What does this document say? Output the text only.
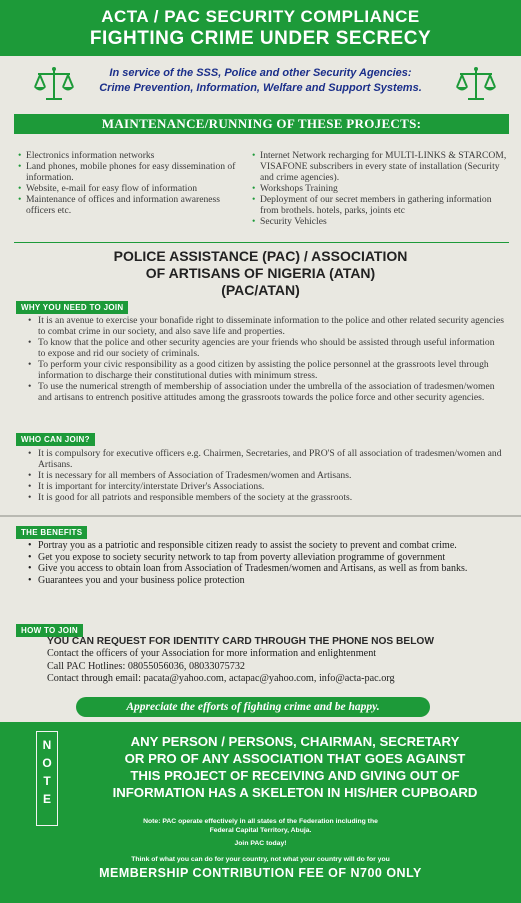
ACTA / PAC SECURITY COMPLIANCE
FIGHTING CRIME UNDER SECRECY
In service of the SSS, Police and other Security Agencies:
Crime Prevention, Information, Welfare and Support Systems.
MAINTENANCE/RUNNING OF THESE PROJECTS:
• Electronics information networks
• Land phones, mobile phones for easy dissemination of information.
• Website, e-mail for easy flow of information
• Maintenance of offices and information awareness officers etc.
• Internet Network recharging for MULTI-LINKS & STARCOM, VISAFONE subscribers in every state of installation (Security and crime agencies).
• Workshops Training
• Deployment of our secret members in gathering information from brothels. hotels, parks, joints etc
• Security Vehicles
POLICE ASSISTANCE (PAC) / ASSOCIATION
OF ARTISANS OF NIGERIA (ATAN)
(PAC/ATAN)
WHY YOU NEED TO JOIN
• It is an avenue to exercise your bonafide right to disseminate information to the police and other related security agencies to combat crime in our society, and also save life and properties.
• To know that the police and other security agencies are your friends who should be assisted through useful information to expose and rid our society of criminals.
• To perform your civic responsibility as a good citizen by assisting the police personnel at the grassroots level through information to discharge their constitutional duties with minimum stress.
• To use the numerical strength of membership of association under the umbrella of the association of tradesmen/women and artisans to entrench positive attitudes among the grassroots towards the police force and other security agencies.
WHO CAN JOIN?
• It is compulsory for executive officers e.g. Chairmen, Secretaries, and PRO'S of all association of tradesmen/women and Artisans.
• It is necessary for all members of Association of Tradesmen/women and Artisans.
• It is important for intercity/interstate Driver's Associations.
• It is good for all patriots and responsible members of the society at the grassroots.
THE BENEFITS
• Portray you as a patriotic and responsible citizen ready to assist the society to prevent and combat crime.
• Get you expose to society security network to tap from poverty alleviation programme of government
• Give you access to obtain loan from Association of Tradesmen/women and Artisans, as well as from banks.
• Guarantees you and your business police protection
HOW TO JOIN
YOU CAN REQUEST FOR IDENTITY CARD THROUGH THE PHONE NOS BELOW
Contact the officers of your Association for more information and enlightenment
Call PAC Hotlines: 08055056036, 08033075732
Contact through email: pacata@yahoo.com, actapac@yahoo.com, info@acta-pac.org
Appreciate the efforts of fighting crime and be happy.
N
O
T
E
ANY PERSON / PERSONS, CHAIRMAN, SECRETARY
OR PRO OF ANY ASSOCIATION THAT GOES AGAINST
THIS PROJECT OF RECEIVING AND GIVING OUT OF
INFORMATION HAS A SKELETON IN HIS/HER CUPBOARD
Note: PAC operate effectively in all states of the Federation including the
Federal Capital Territory, Abuja.
Join PAC today!
Think of what you can do for your country, not what your country will do for you
MEMBERSHIP CONTRIBUTION FEE OF N700 ONLY
